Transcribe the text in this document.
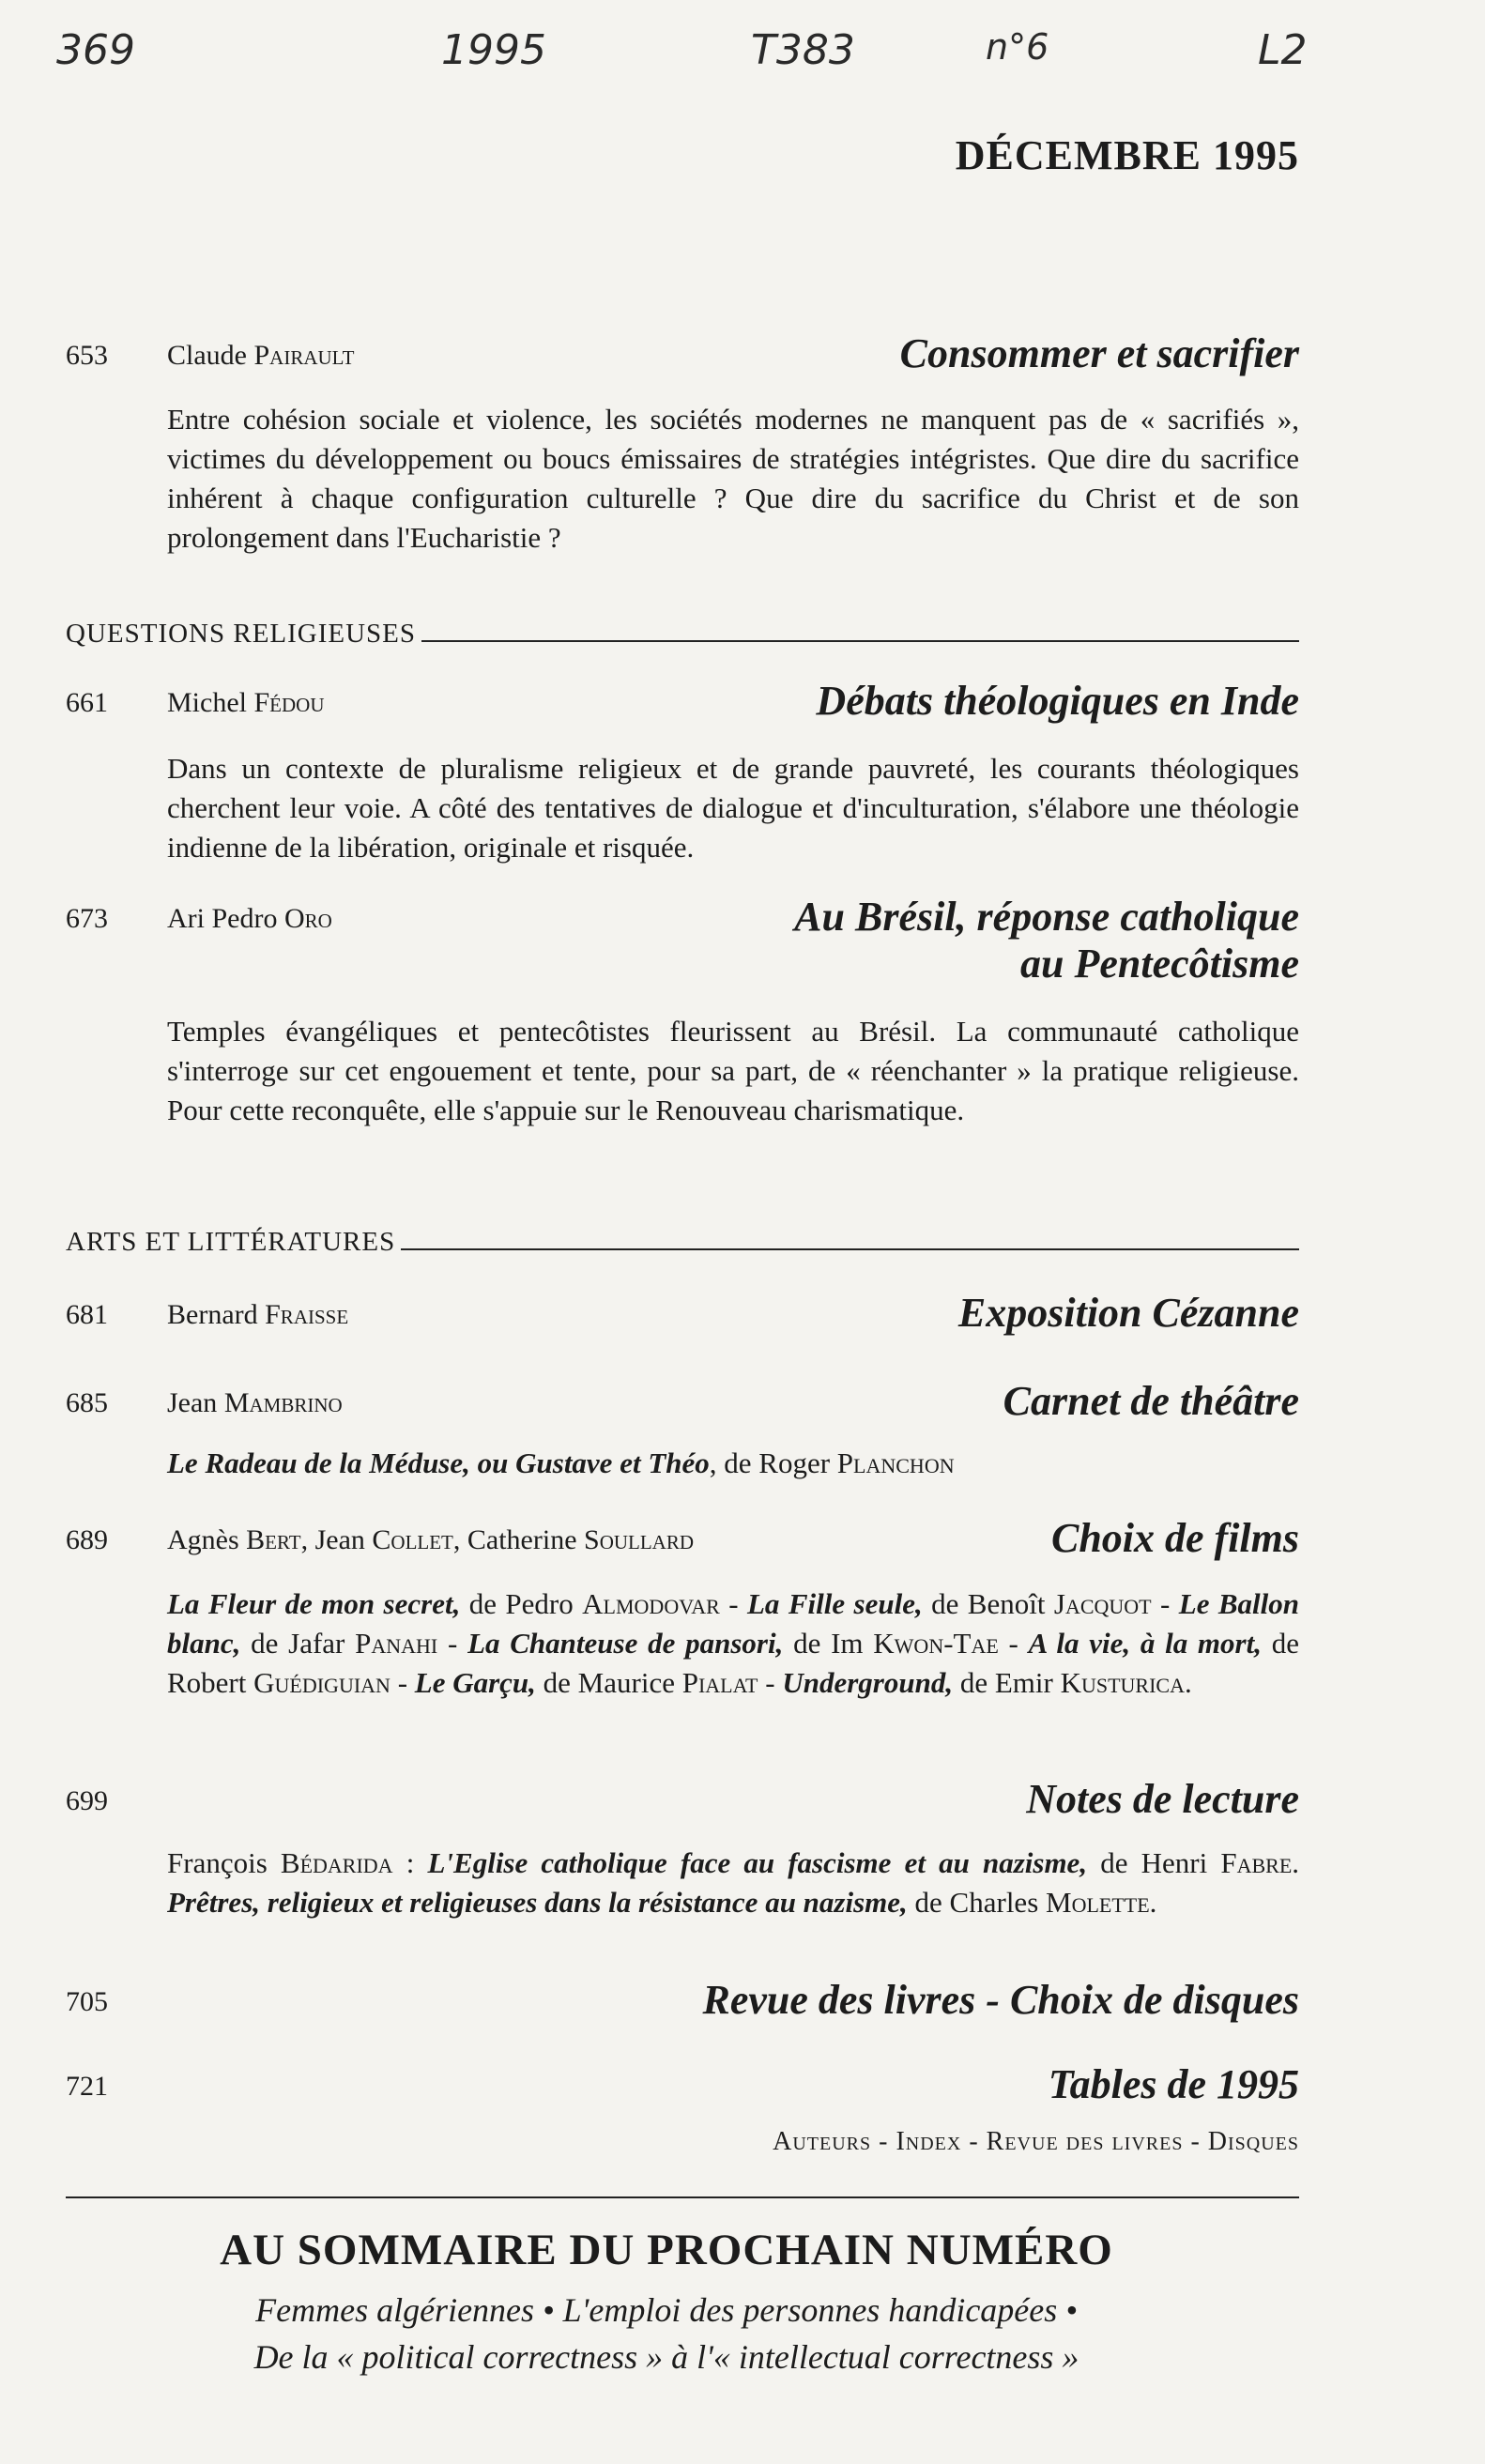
369	1995	T383	n°6	L2
DÉCEMBRE 1995
653 Claude Pairault	Consommer et sacrifier
Entre cohésion sociale et violence, les sociétés modernes ne manquent pas de « sacrifiés », victimes du développement ou boucs émissaires de stratégies intégristes. Que dire du sacrifice inhérent à chaque configuration culturelle ? Que dire du sacrifice du Christ et de son prolongement dans l'Eucharistie ?
QUESTIONS RELIGIEUSES
661 Michel Fédou	Débats théologiques en Inde
Dans un contexte de pluralisme religieux et de grande pauvreté, les courants théologiques cherchent leur voie. A côté des tentatives de dialogue et d'inculturation, s'élabore une théologie indienne de la libération, originale et risquée.
673 Ari Pedro Oro	Au Brésil, réponse catholique
au Pentecôtisme
Temples évangéliques et pentecôtistes fleurissent au Brésil. La communauté catholique s'interroge sur cet engouement et tente, pour sa part, de « réenchanter » la pratique religieuse. Pour cette reconquête, elle s'appuie sur le Renouveau charismatique.
ARTS ET LITTÉRATURES
681 Bernard Fraisse	Exposition Cézanne
685 Jean Mambrino	Carnet de théâtre
Le Radeau de la Méduse, ou Gustave et Théo, de Roger Planchon
689 Agnès Bert, Jean Collet, Catherine Soullard	Choix de films
La Fleur de mon secret, de Pedro Almodovar - La Fille seule, de Benoît Jacquot - Le Ballon blanc, de Jafar Panahi - La Chanteuse de pansori, de Im Kwon-Tae - A la vie, à la mort, de Robert Guédiguian - Le Garçu, de Maurice Pialat - Underground, de Emir Kusturica.
699	Notes de lecture
François Bédarida : L'Eglise catholique face au fascisme et au nazisme, de Henri Fabre. Prêtres, religieux et religieuses dans la résistance au nazisme, de Charles Molette.
705	Revue des livres - Choix de disques
721	Tables de 1995
Auteurs - Index - Revue des livres - Disques
AU SOMMAIRE DU PROCHAIN NUMÉRO
Femmes algériennes • L'emploi des personnes handicapées •
De la « political correctness » à l'« intellectual correctness »
